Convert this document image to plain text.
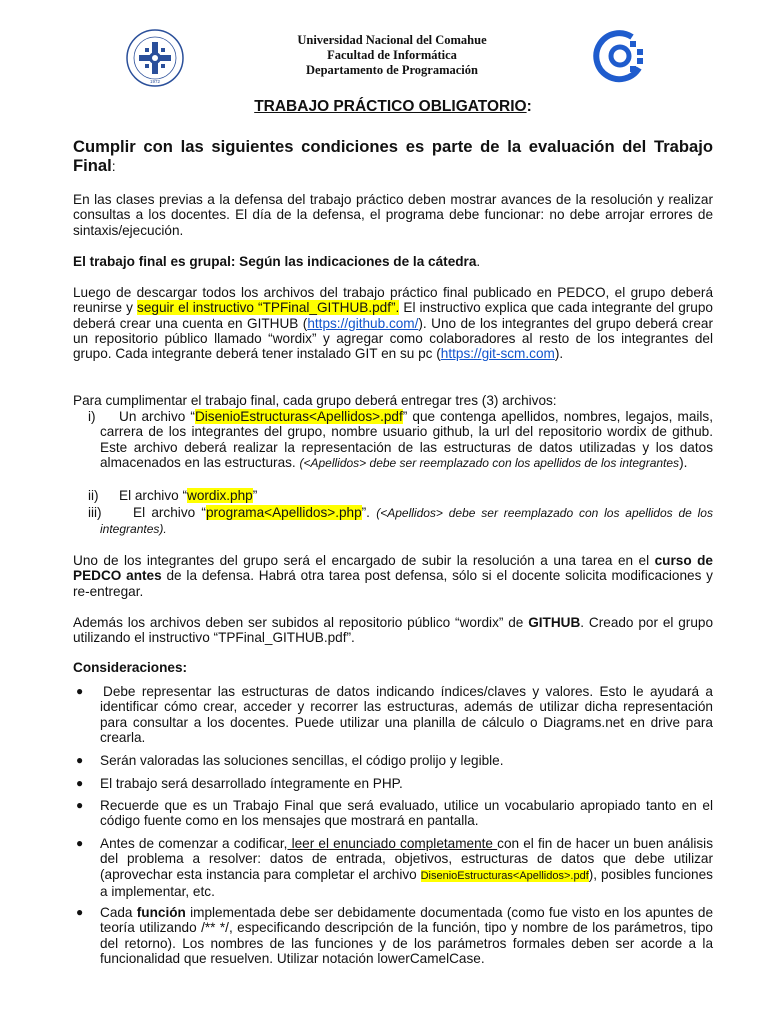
1972
Universidad Nacional del Comahue
Facultad de Informática
Departamento de Programación
TRABAJO PRÁCTICO OBLIGATORIO:
Cumplir con las siguientes condiciones es parte de la evaluación del Trabajo Final:
En las clases previas a la defensa del trabajo práctico deben mostrar avances de la resolución y realizar consultas a los docentes. El día de la defensa, el programa debe funcionar: no debe arrojar errores de sintaxis/ejecución.
El trabajo final es grupal: Según las indicaciones de la cátedra.
Luego de descargar todos los archivos del trabajo práctico final publicado en PEDCO, el grupo deberá reunirse y seguir el instructivo “TPFinal_GITHUB.pdf”. El instructivo explica que cada integrante del grupo deberá crear una cuenta en GITHUB (https://github.com/). Uno de los integrantes del grupo deberá crear un repositorio público llamado “wordix” y agregar como colaboradores al resto de los integrantes del grupo. Cada integrante deberá tener instalado GIT en su pc (https://git-scm.com).
Para cumplimentar el trabajo final, cada grupo deberá entregar tres (3) archivos:
i)	Un archivo “DisenioEstructuras<Apellidos>.pdf” que contenga apellidos, nombres, legajos, mails, carrera de los integrantes del grupo, nombre usuario github, la url del repositorio wordix de github. Este archivo deberá realizar la representación de las estructuras de datos utilizadas y los datos almacenados en las estructuras. (<Apellidos> debe ser reemplazado con los apellidos de los integrantes).
ii)	El archivo “wordix.php”
iii)	El archivo “programa<Apellidos>.php”. (<Apellidos> debe ser reemplazado con los apellidos de los integrantes).
Uno de los integrantes del grupo será el encargado de subir la resolución a una tarea en el curso de PEDCO antes de la defensa. Habrá otra tarea post defensa, sólo si el docente solicita modificaciones y re-entregar.
Además los archivos deben ser subidos al repositorio público “wordix” de GITHUB. Creado por el grupo utilizando el instructivo “TPFinal_GITHUB.pdf”.
Consideraciones:
●	Debe representar las estructuras de datos indicando índices/claves y valores. Esto le ayudará a identificar cómo crear, acceder y recorrer las estructuras, además de utilizar dicha representación para consultar a los docentes. Puede utilizar una planilla de cálculo o Diagrams.net en drive para crearla.
●	Serán valoradas las soluciones sencillas, el código prolijo y legible.
●	El trabajo será desarrollado íntegramente en PHP.
●	Recuerde que es un Trabajo Final que será evaluado, utilice un vocabulario apropiado tanto en el código fuente como en los mensajes que mostrará en pantalla.
●	Antes de comenzar a codificar, leer el enunciado completamente con el fin de hacer un buen análisis del problema a resolver: datos de entrada, objetivos, estructuras de datos que debe utilizar (aprovechar esta instancia para completar el archivo DisenioEstructuras<Apellidos>.pdf), posibles funciones a implementar, etc.
●	Cada función implementada debe ser debidamente documentada (como fue visto en los apuntes de teoría utilizando /** */, especificando descripción de la función, tipo y nombre de los parámetros, tipo del retorno). Los nombres de las funciones y de los parámetros formales deben ser acorde a la funcionalidad que resuelven. Utilizar notación lowerCamelCase.
